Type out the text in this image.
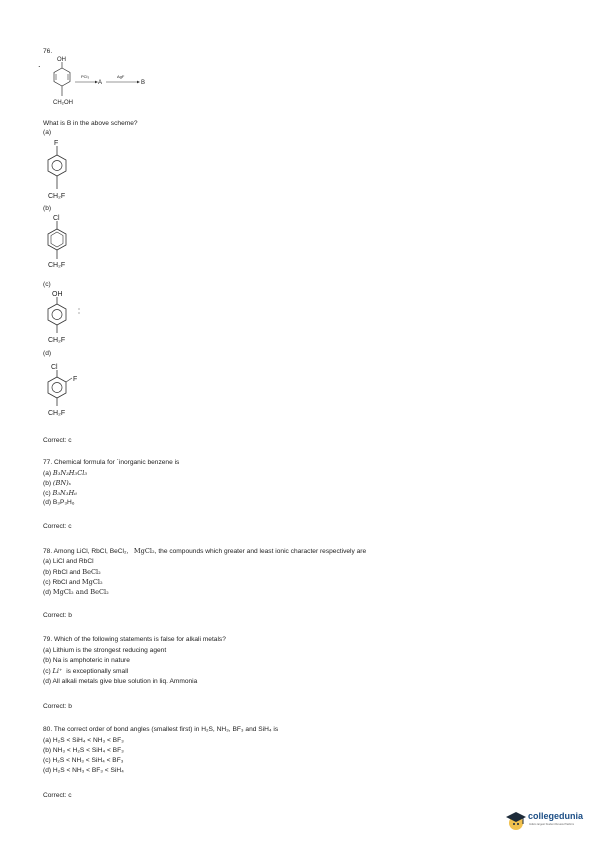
76.
.	OH
CH₂OH
PCl₃
A
AgF
B
What is B in the above scheme?
(a)
F
CH₂F
(b)
Cl
CH₂F
(c)
OH
CH₂F
(d)
Cl
F
CH₂F
Correct: c
77. Chemical formula for `inorganic benzene is
(a) B₃N₃H₃Cl₃
(b) (BN)ₓ
(c) B₃N₃H₆
(d) B₃P₃H₆
Correct: c
78. Among LiCl, RbCl, BeCl₂, MgCl₂, the compounds which greater and least ionic character respectively are
(a) LiCl and RbCl
(b) RbCl and BeCl₂
(c) RbCl and MgCl₂
(d) MgCl₂ and BeCl₂
Correct: b
79. Which of the following statements is false for alkali metals?
(a) Lithium is the strongest reducing agent
(b) Na is amphoteric in nature
(c) Li⁺ is exceptionally small
(d) All alkali metals give blue solution in liq. Ammonia
Correct: b
80. The correct order of bond angles (smallest first) in H₂S, NH₃, BF₃ and SiH₄ is
(a) H₂S < SiH₄ < NH₃ < BF₃
(b) NH₃ < H₂S < SiH₄ < BF₃
(c) H₂S < NH₃ < SiH₄ < BF₃
(d) H₂S < NH₃ < BF₃ < SiH₄
Correct: c
collegedunia
India's largest Student Review Platform
